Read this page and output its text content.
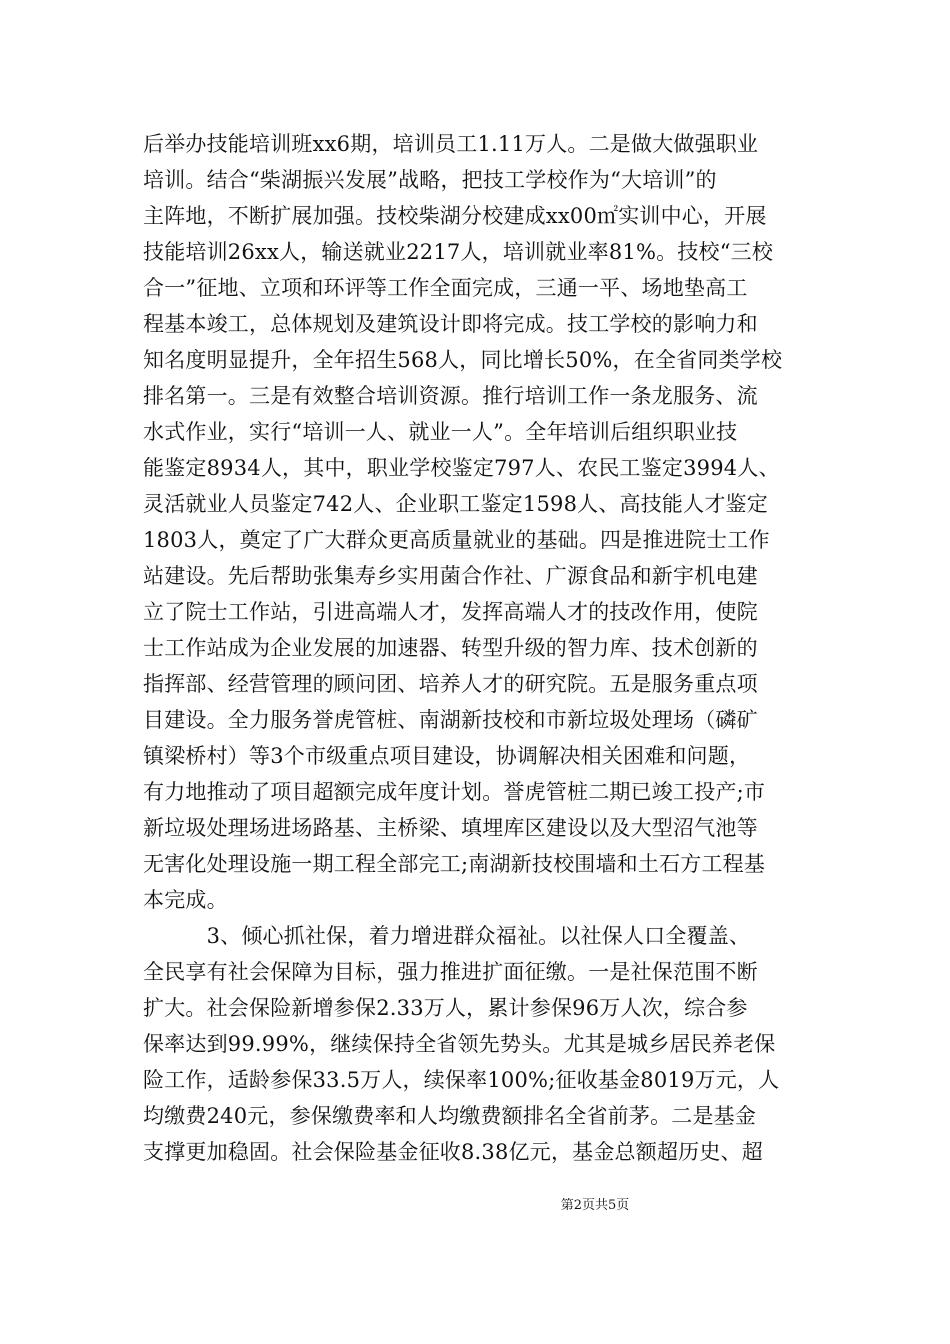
后举办技能培训班xx6期，培训员工1.11万人。二是做大做强职业
培训。结合“柴湖振兴发展”战略，把技工学校作为“大培训”的
主阵地，不断扩展加强。技校柴湖分校建成xx00㎡实训中心，开展
技能培训26xx人，输送就业2217人，培训就业率81%。技校“三校
合一”征地、立项和环评等工作全面完成，三通一平、场地垫高工
程基本竣工，总体规划及建筑设计即将完成。技工学校的影响力和
知名度明显提升，全年招生568人，同比增长50%，在全省同类学校
排名第一。三是有效整合培训资源。推行培训工作一条龙服务、流
水式作业，实行“培训一人、就业一人”。全年培训后组织职业技
能鉴定8934人，其中，职业学校鉴定797人、农民工鉴定3994人、
灵活就业人员鉴定742人、企业职工鉴定1598人、高技能人才鉴定
1803人，奠定了广大群众更高质量就业的基础。四是推进院士工作
站建设。先后帮助张集寿乡实用菌合作社、广源食品和新宇机电建
立了院士工作站，引进高端人才，发挥高端人才的技改作用，使院
士工作站成为企业发展的加速器、转型升级的智力库、技术创新的
指挥部、经营管理的顾问团、培养人才的研究院。五是服务重点项
目建设。全力服务誉虎管桩、南湖新技校和市新垃圾处理场（磷矿
镇梁桥村）等3个市级重点项目建设，协调解决相关困难和问题，
有力地推动了项目超额完成年度计划。誉虎管桩二期已竣工投产;市
新垃圾处理场进场路基、主桥梁、填埋库区建设以及大型沼气池等
无害化处理设施一期工程全部完工;南湖新技校围墙和土石方工程基
本完成。
　　　3、倾心抓社保，着力增进群众福祉。以社保人口全覆盖、
全民享有社会保障为目标，强力推进扩面征缴。一是社保范围不断
扩大。社会保险新增参保2.33万人，累计参保96万人次，综合参
保率达到99.99%，继续保持全省领先势头。尤其是城乡居民养老保
险工作，适龄参保33.5万人，续保率100%;征收基金8019万元，人
均缴费240元，参保缴费率和人均缴费额排名全省前茅。二是基金
支撑更加稳固。社会保险基金征收8.38亿元，基金总额超历史、超
第2页共5页
